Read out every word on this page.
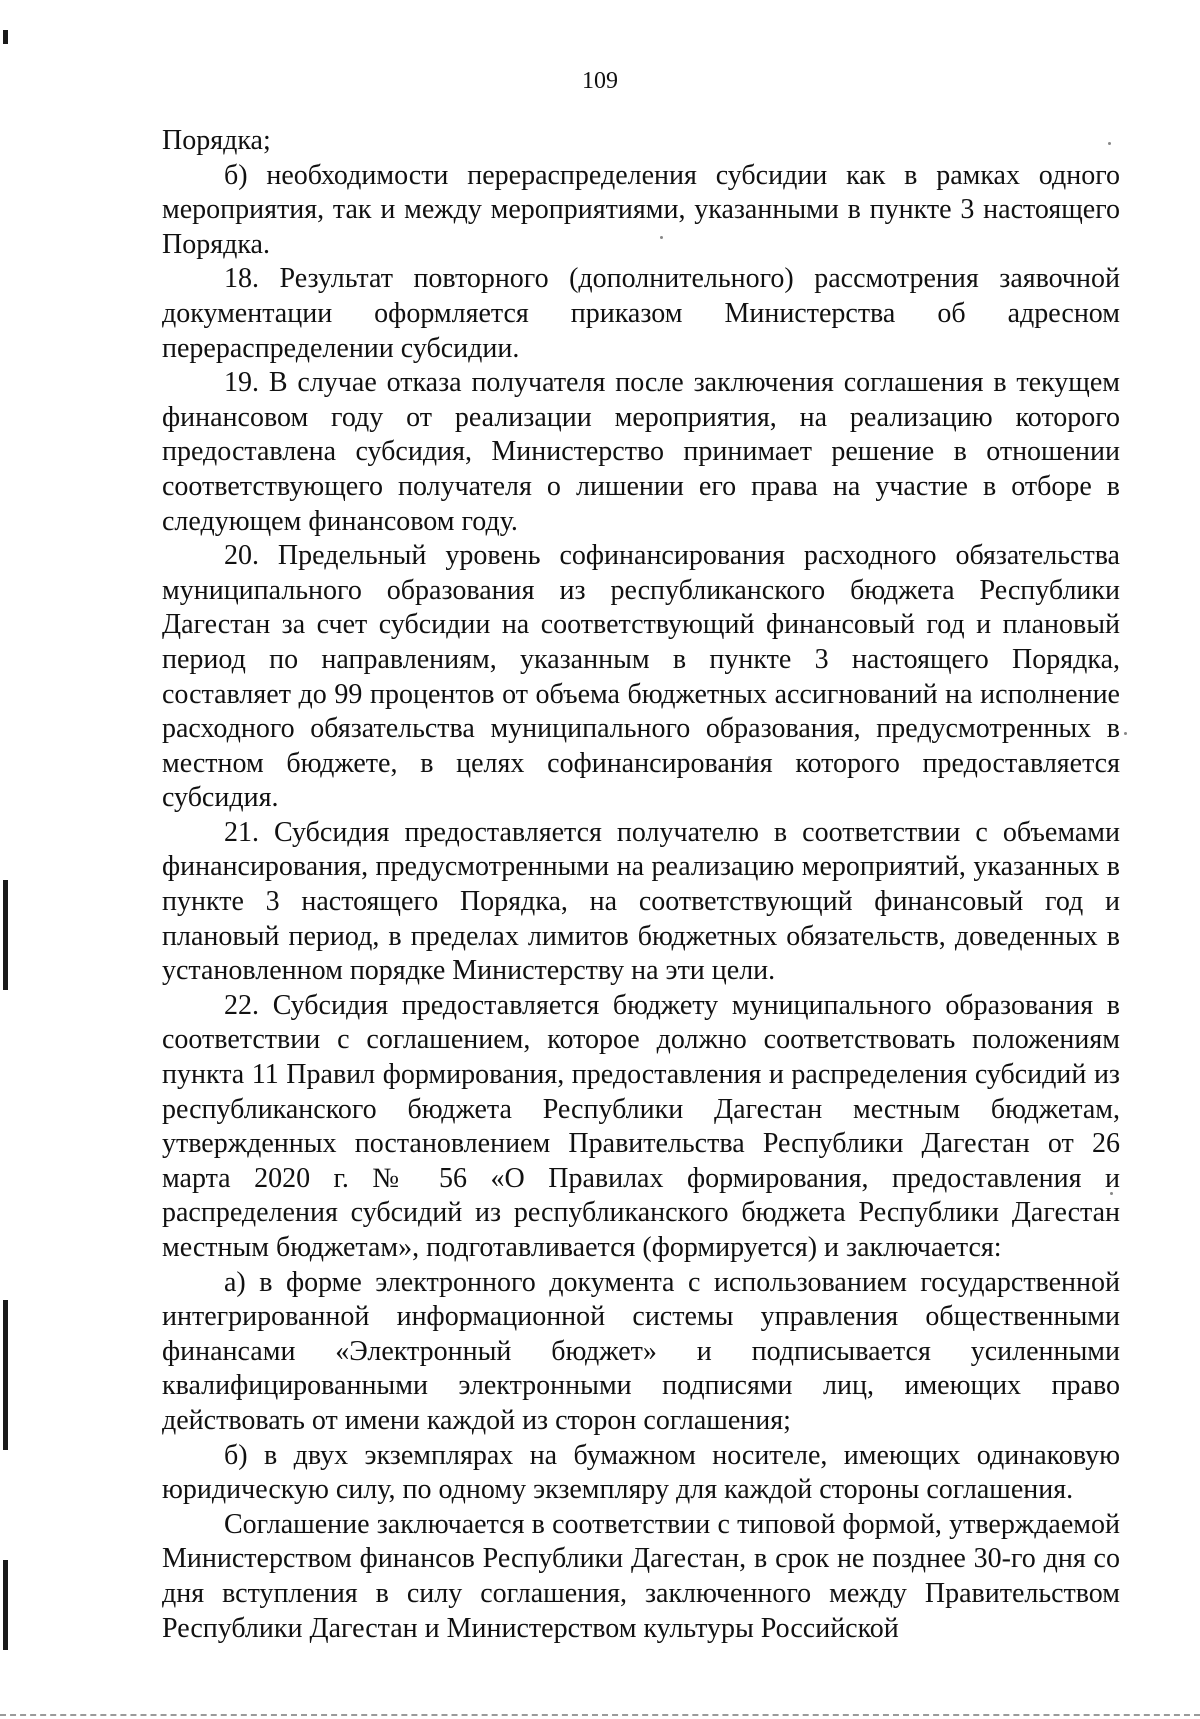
109

Порядка;

б) необходимости перераспределения субсидии как в рамках одного мероприятия, так и между мероприятиями, указанными в пункте 3 настоящего Порядка.

18. Результат повторного (дополнительного) рассмотрения заявочной документации оформляется приказом Министерства об адресном перераспределении субсидии.

19. В случае отказа получателя после заключения соглашения в текущем финансовом году от реализации мероприятия, на реализацию которого предоставлена субсидия, Министерство принимает решение в отношении соответствующего получателя о лишении его права на участие в отборе в следующем финансовом году.

20. Предельный уровень софинансирования расходного обязательства муниципального образования из республиканского бюджета Республики Дагестан за счет субсидии на соответствующий финансовый год и плановый период по направлениям, указанным в пункте 3 настоящего Порядка, составляет до 99 процентов от объема бюджетных ассигнований на исполнение расходного обязательства муниципального образования, предусмотренных в местном бюджете, в целях софинансирования которого предоставляется субсидия.

21. Субсидия предоставляется получателю в соответствии с объемами финансирования, предусмотренными на реализацию мероприятий, указанных в пункте 3 настоящего Порядка, на соответствующий финансовый год и плановый период, в пределах лимитов бюджетных обязательств, доведенных в установленном порядке Министерству на эти цели.

22. Субсидия предоставляется бюджету муниципального образования в соответствии с соглашением, которое должно соответствовать положениям пункта 11 Правил формирования, предоставления и распределения субсидий из республиканского бюджета Республики Дагестан местным бюджетам, утвержденных постановлением Правительства Республики Дагестан от 26 марта 2020 г. № 56 «О Правилах формирования, предоставления и распределения субсидий из республиканского бюджета Республики Дагестан местным бюджетам», подготавливается (формируется) и заключается:

а) в форме электронного документа с использованием государственной интегрированной информационной системы управления общественными финансами «Электронный бюджет» и подписывается усиленными квалифицированными электронными подписями лиц, имеющих право действовать от имени каждой из сторон соглашения;

б) в двух экземплярах на бумажном носителе, имеющих одинаковую юридическую силу, по одному экземпляру для каждой стороны соглашения.

Соглашение заключается в соответствии с типовой формой, утверждаемой Министерством финансов Республики Дагестан, в срок не позднее 30-го дня со дня вступления в силу соглашения, заключенного между Правительством Республики Дагестан и Министерством культуры Российской
